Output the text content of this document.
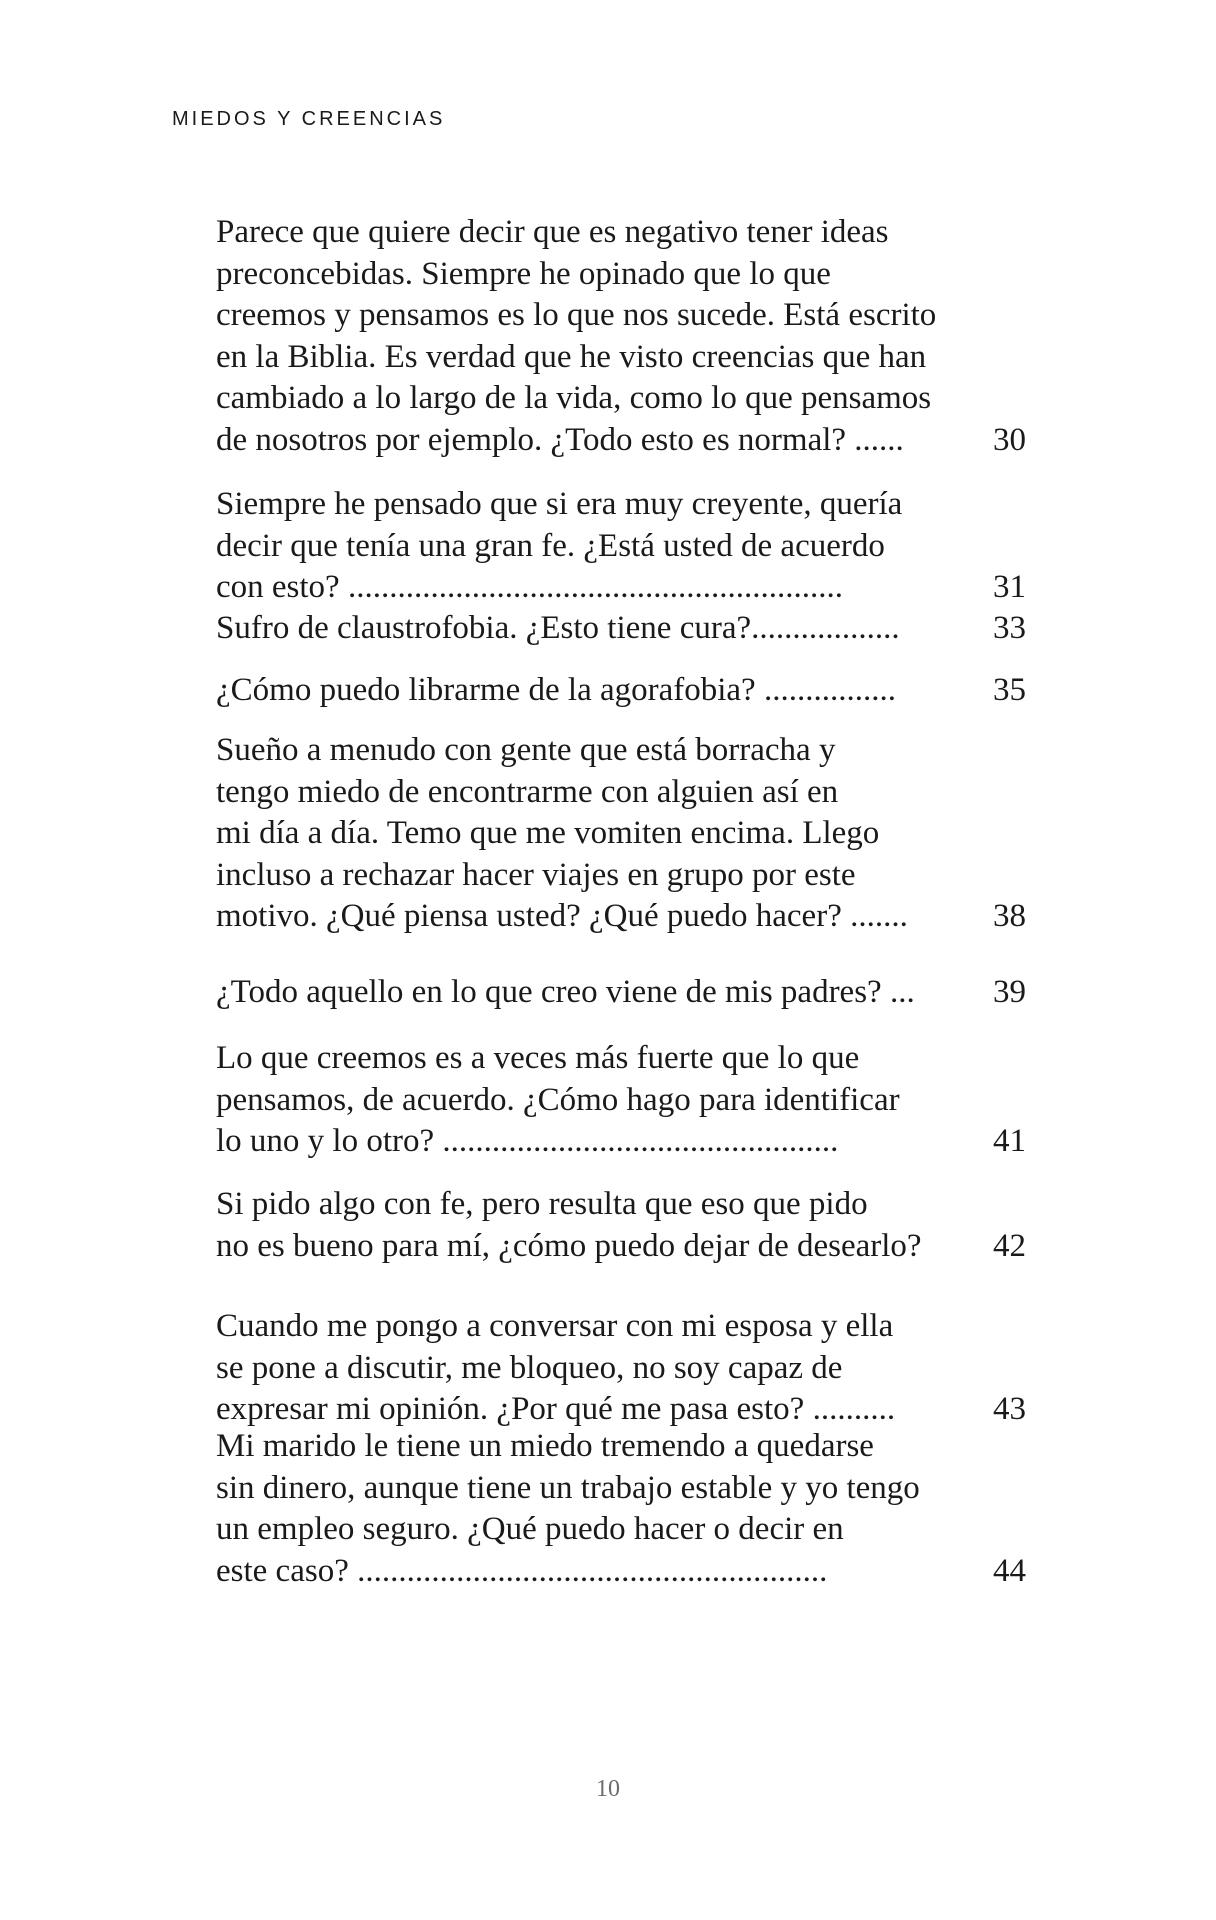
MIEDOS Y CREENCIAS
Parece que quiere decir que es negativo tener ideas
preconcebidas. Siempre he opinado que lo que
creemos y pensamos es lo que nos sucede. Está escrito
en la Biblia. Es verdad que he visto creencias que han
cambiado a lo largo de la vida, como lo que pensamos
de nosotros por ejemplo. ¿Todo esto es normal? ......	30
Siempre he pensado que si era muy creyente, quería
decir que tenía una gran fe. ¿Está usted de acuerdo
con esto? ............................................................	31
Sufro de claustrofobia. ¿Esto tiene cura?..................	33
¿Cómo puedo librarme de la agorafobia? ................	35
Sueño a menudo con gente que está borracha y
tengo miedo de encontrarme con alguien así en
mi día a día. Temo que me vomiten encima. Llego
incluso a rechazar hacer viajes en grupo por este
motivo. ¿Qué piensa usted? ¿Qué puedo hacer? .......	38
¿Todo aquello en lo que creo viene de mis padres? ... 39
Lo que creemos es a veces más fuerte que lo que
pensamos, de acuerdo. ¿Cómo hago para identificar
lo uno y lo otro? ................................................	41
Si pido algo con fe, pero resulta que eso que pido
no es bueno para mí, ¿cómo puedo dejar de desearlo? 42
Cuando me pongo a conversar con mi esposa y ella
se pone a discutir, me bloqueo, no soy capaz de
expresar mi opinión. ¿Por qué me pasa esto? ..........	43
Mi marido le tiene un miedo tremendo a quedarse
sin dinero, aunque tiene un trabajo estable y yo tengo
un empleo seguro. ¿Qué puedo hacer o decir en
este caso? .........................................................	44
10
